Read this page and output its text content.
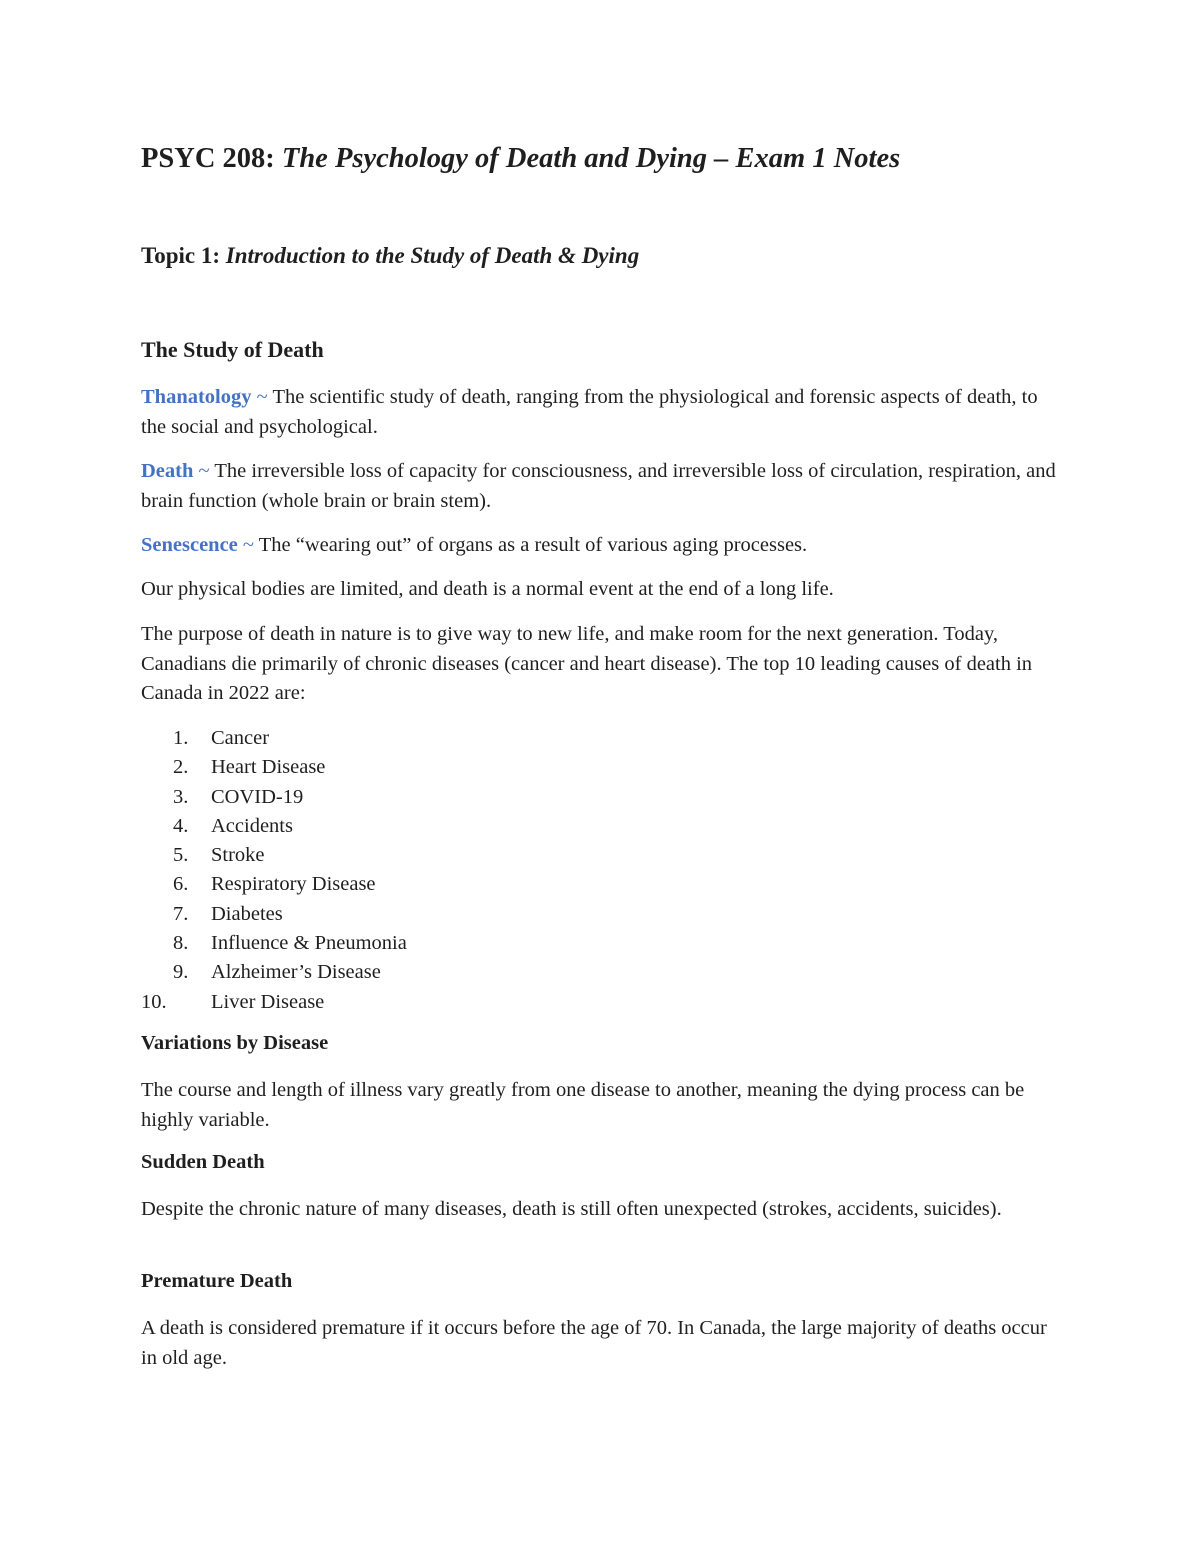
PSYC 208: The Psychology of Death and Dying – Exam 1 Notes
Topic 1: Introduction to the Study of Death & Dying
The Study of Death

Thanatology ~ The scientific study of death, ranging from the physiological and forensic aspects of death, to the social and psychological.

Death ~ The irreversible loss of capacity for consciousness, and irreversible loss of circulation, respiration, and brain function (whole brain or brain stem).

Senescence ~ The “wearing out” of organs as a result of various aging processes.

Our physical bodies are limited, and death is a normal event at the end of a long life.

The purpose of death in nature is to give way to new life, and make room for the next generation. Today, Canadians die primarily of chronic diseases (cancer and heart disease). The top 10 leading causes of death in Canada in 2022 are:

1.	Cancer
2.	Heart Disease
3.	COVID-19
4.	Accidents
5.	Stroke
6.	Respiratory Disease
7.	Diabetes
8.	Influence & Pneumonia
9.	Alzheimer’s Disease
10.	Liver Disease
Variations by Disease

The course and length of illness vary greatly from one disease to another, meaning the dying process can be highly variable.

Sudden Death

Despite the chronic nature of many diseases, death is still often unexpected (strokes, accidents, suicides).

Premature Death

A death is considered premature if it occurs before the age of 70. In Canada, the large majority of deaths occur in old age.
